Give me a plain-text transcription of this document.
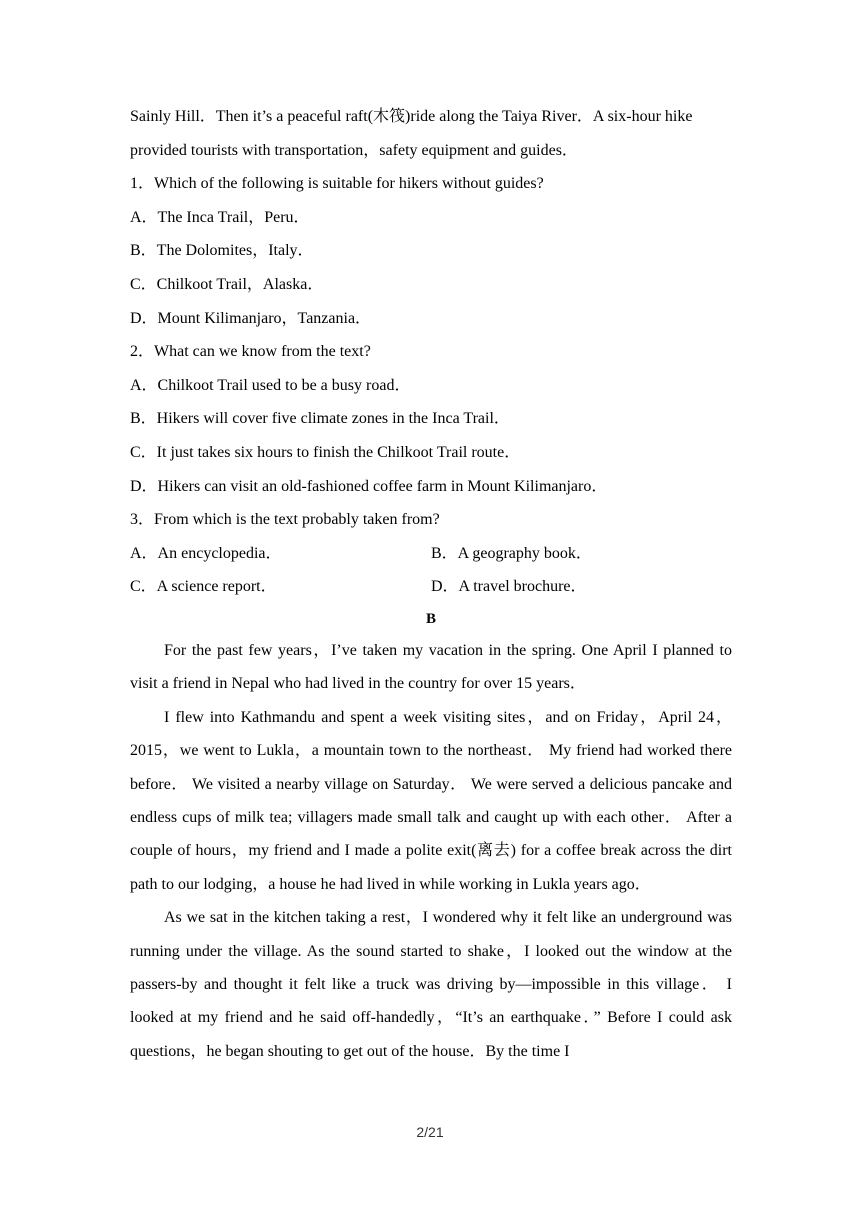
Sainly Hill．Then it’s a peaceful raft(木筏)ride along the Taiya River．A six-hour hike
provided tourists with transportation，safety equipment and guides．
1．Which of the following is suitable for hikers without guides?
A．The Inca Trail，Peru．
B．The Dolomites，Italy．
C．Chilkoot Trail，Alaska．
D．Mount Kilimanjaro，Tanzania．
2．What can we know from the text?
A．Chilkoot Trail used to be a busy road．
B．Hikers will cover five climate zones in the Inca Trail．
C．It just takes six hours to finish the Chilkoot Trail route．
D．Hikers can visit an old-fashioned coffee farm in Mount Kilimanjaro．
3．From which is the text probably taken from?
A．An encyclopedia．	B．A geography book．
C．A science report．	D．A travel brochure．
B
For the past few years，I’ve taken my vacation in the spring. One April I planned to visit a friend in Nepal who had lived in the country for over 15 years．
I flew into Kathmandu and spent a week visiting sites，and on Friday，April 24，2015，we went to Lukla，a mountain town to the northeast． My friend had worked there before． We visited a nearby village on Saturday． We were served a delicious pancake and endless cups of milk tea; villagers made small talk and caught up with each other． After a couple of hours，my friend and I made a polite exit(离去) for a coffee break across the dirt path to our lodging，a house he had lived in while working in Lukla years ago．
As we sat in the kitchen taking a rest，I wondered why it felt like an underground was running under the village. As the sound started to shake，I looked out the window at the passers-by and thought it felt like a truck was driving by—impossible in this village． I looked at my friend and he said off-handedly，“It’s an earthquake．” Before I could ask questions，he began shouting to get out of the house．By the time I
2/21
